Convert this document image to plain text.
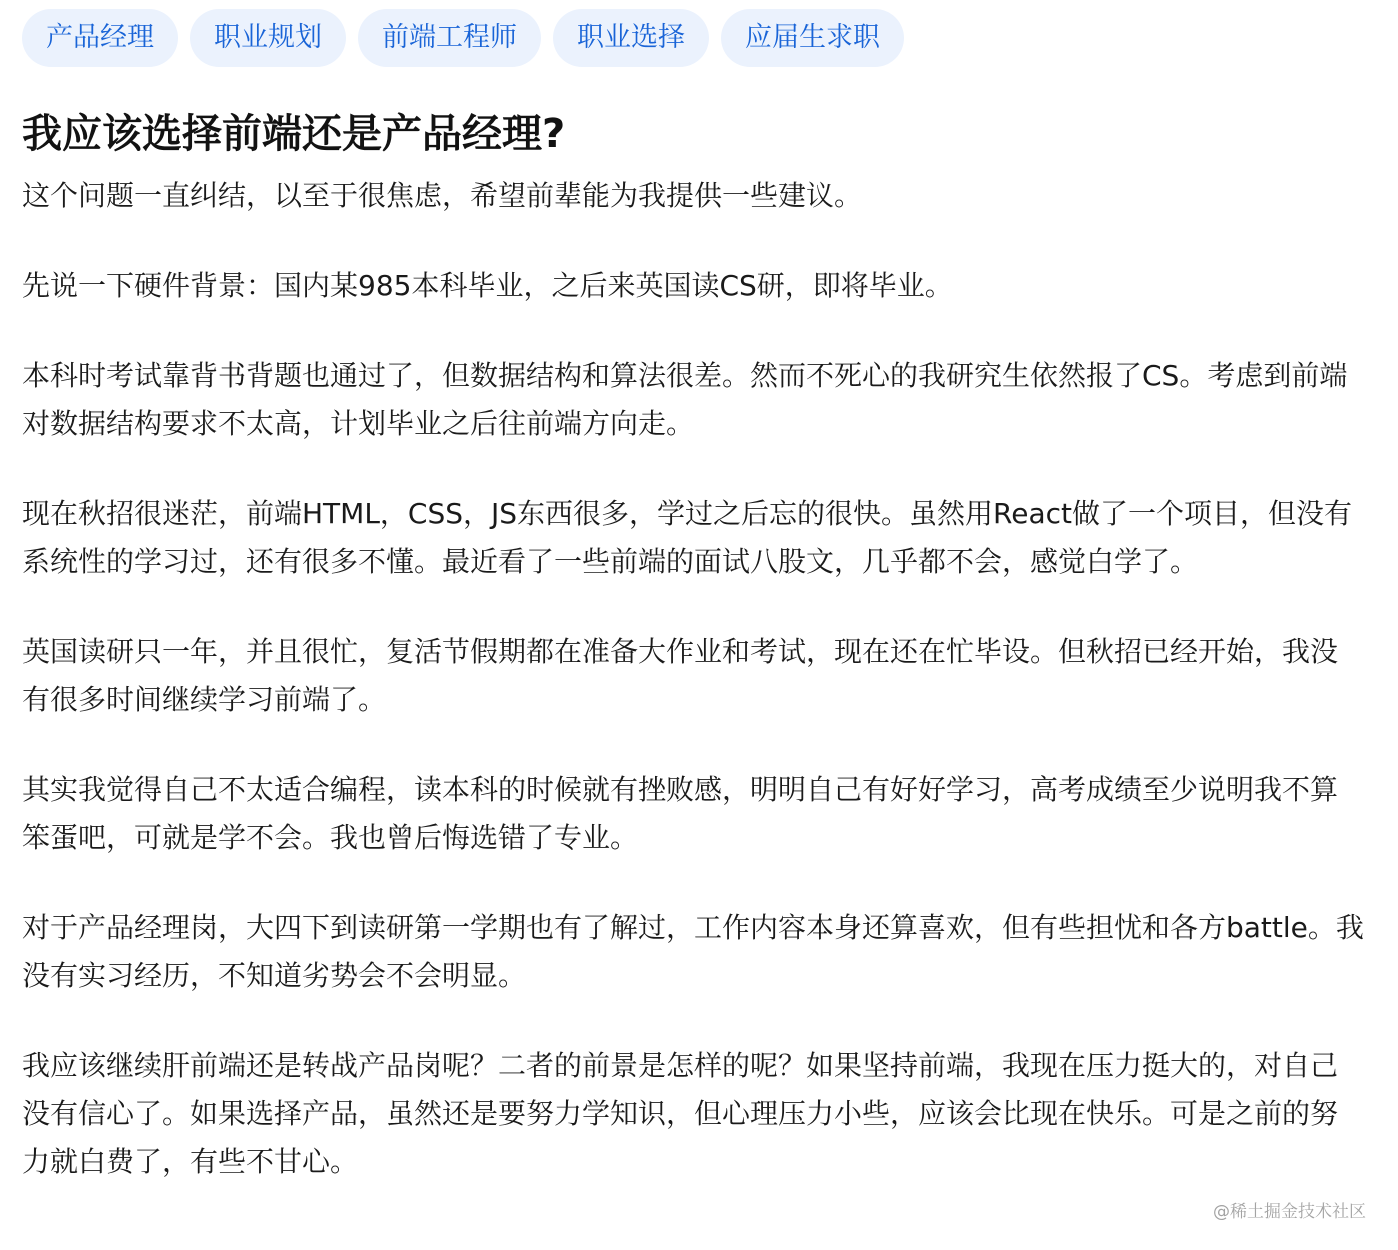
产品经理	职业规划	前端工程师	职业选择	应届生求职
我应该选择前端还是产品经理?

这个问题一直纠结，以至于很焦虑，希望前辈能为我提供一些建议。

先说一下硬件背景：国内某985本科毕业，之后来英国读CS研，即将毕业。

本科时考试靠背书背题也通过了，但数据结构和算法很差。然而不死心的我研究生依然报了CS。考虑到前端对数据结构要求不太高，计划毕业之后往前端方向走。

现在秋招很迷茫，前端HTML，CSS，JS东西很多，学过之后忘的很快。虽然用React做了一个项目，但没有系统性的学习过，还有很多不懂。最近看了一些前端的面试八股文，几乎都不会，感觉白学了。

英国读研只一年，并且很忙，复活节假期都在准备大作业和考试，现在还在忙毕设。但秋招已经开始，我没有很多时间继续学习前端了。

其实我觉得自己不太适合编程，读本科的时候就有挫败感，明明自己有好好学习，高考成绩至少说明我不算笨蛋吧，可就是学不会。我也曾后悔选错了专业。

对于产品经理岗，大四下到读研第一学期也有了解过，工作内容本身还算喜欢，但有些担忧和各方battle。我没有实习经历，不知道劣势会不会明显。

我应该继续肝前端还是转战产品岗呢？二者的前景是怎样的呢？如果坚持前端，我现在压力挺大的，对自己没有信心了。如果选择产品，虽然还是要努力学知识，但心理压力小些，应该会比现在快乐。可是之前的努力就白费了，有些不甘心。

@稀土掘金技术社区
